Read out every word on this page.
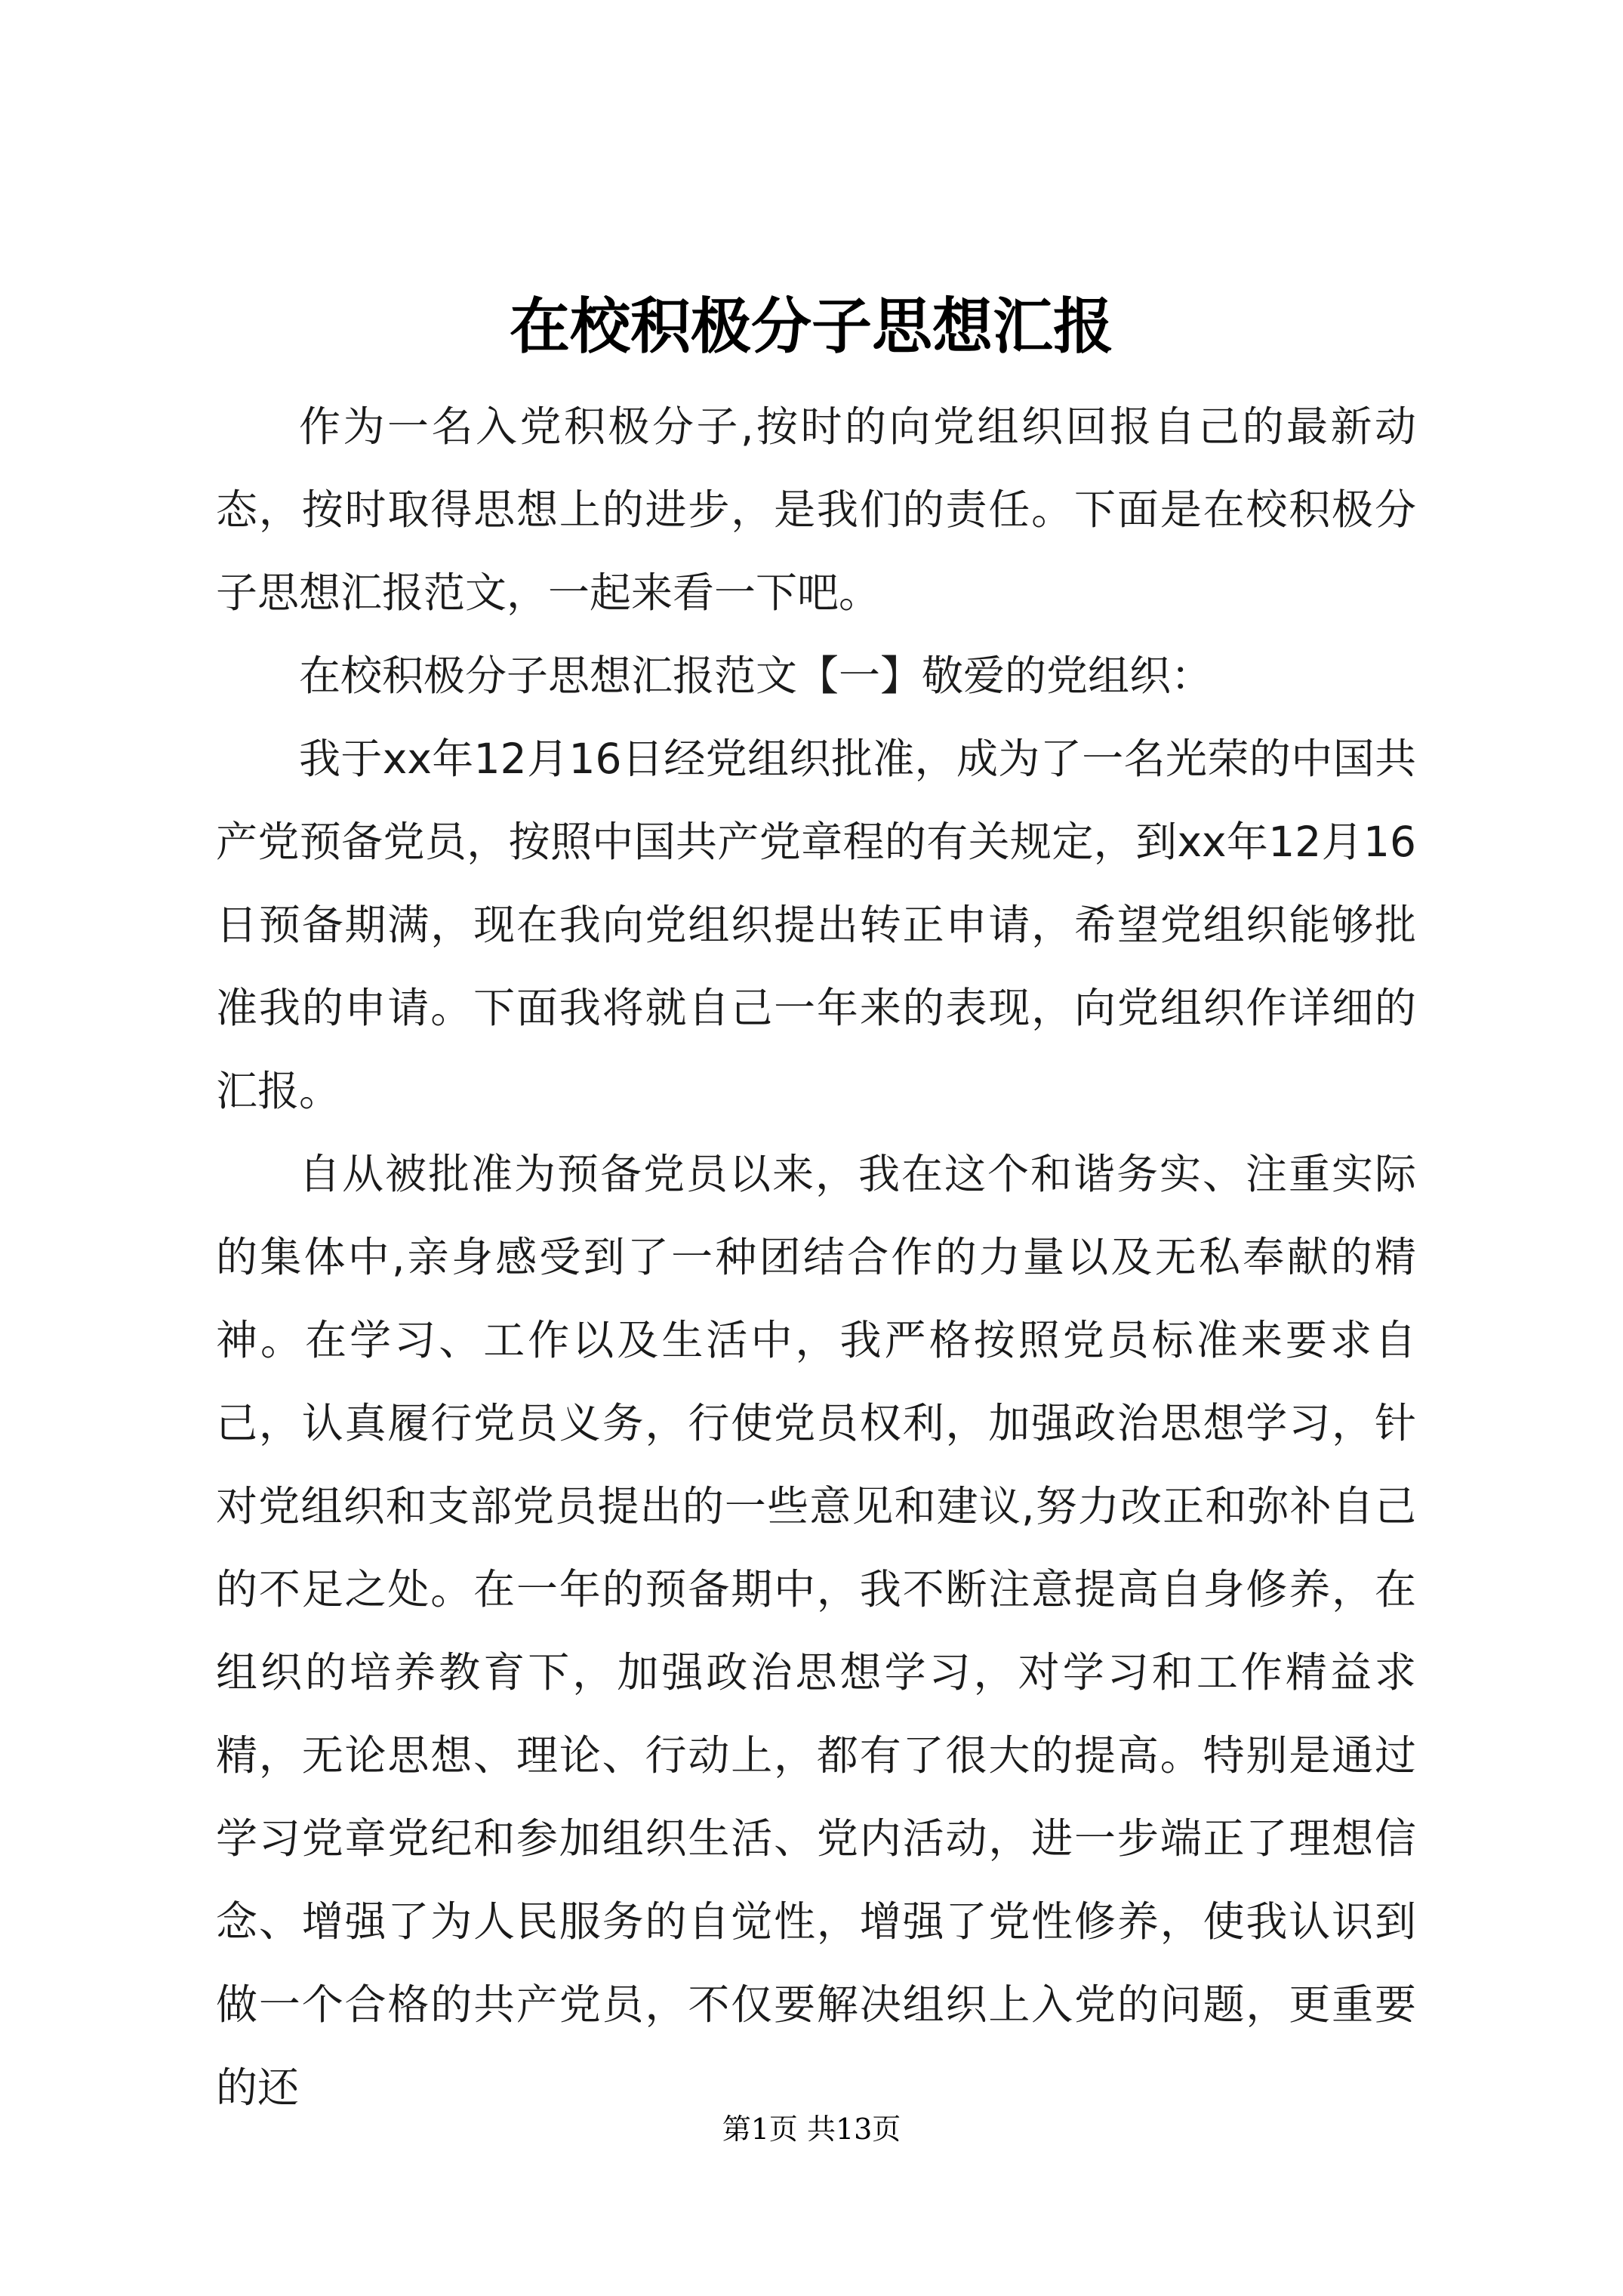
在校积极分子思想汇报

作为一名入党积极分子,按时的向党组织回报自己的最新动态，按时取得思想上的进步，是我们的责任。下面是在校积极分子思想汇报范文，一起来看一下吧。

在校积极分子思想汇报范文【一】敬爱的党组织：

我于xx年12月16日经党组织批准，成为了一名光荣的中国共产党预备党员，按照中国共产党章程的有关规定，到xx年12月16日预备期满，现在我向党组织提出转正申请，希望党组织能够批准我的申请。下面我将就自己一年来的表现，向党组织作详细的汇报。

自从被批准为预备党员以来，我在这个和谐务实、注重实际的集体中,亲身感受到了一种团结合作的力量以及无私奉献的精神。在学习、工作以及生活中，我严格按照党员标准来要求自己，认真履行党员义务，行使党员权利，加强政治思想学习，针对党组织和支部党员提出的一些意见和建议,努力改正和弥补自己的不足之处。在一年的预备期中，我不断注意提高自身修养，在组织的培养教育下，加强政治思想学习，对学习和工作精益求精，无论思想、理论、行动上，都有了很大的提高。特别是通过学习党章党纪和参加组织生活、党内活动，进一步端正了理想信念、增强了为人民服务的自觉性，增强了党性修养，使我认识到做一个合格的共产党员，不仅要解决组织上入党的问题，更重要的还

第1页 共13页
